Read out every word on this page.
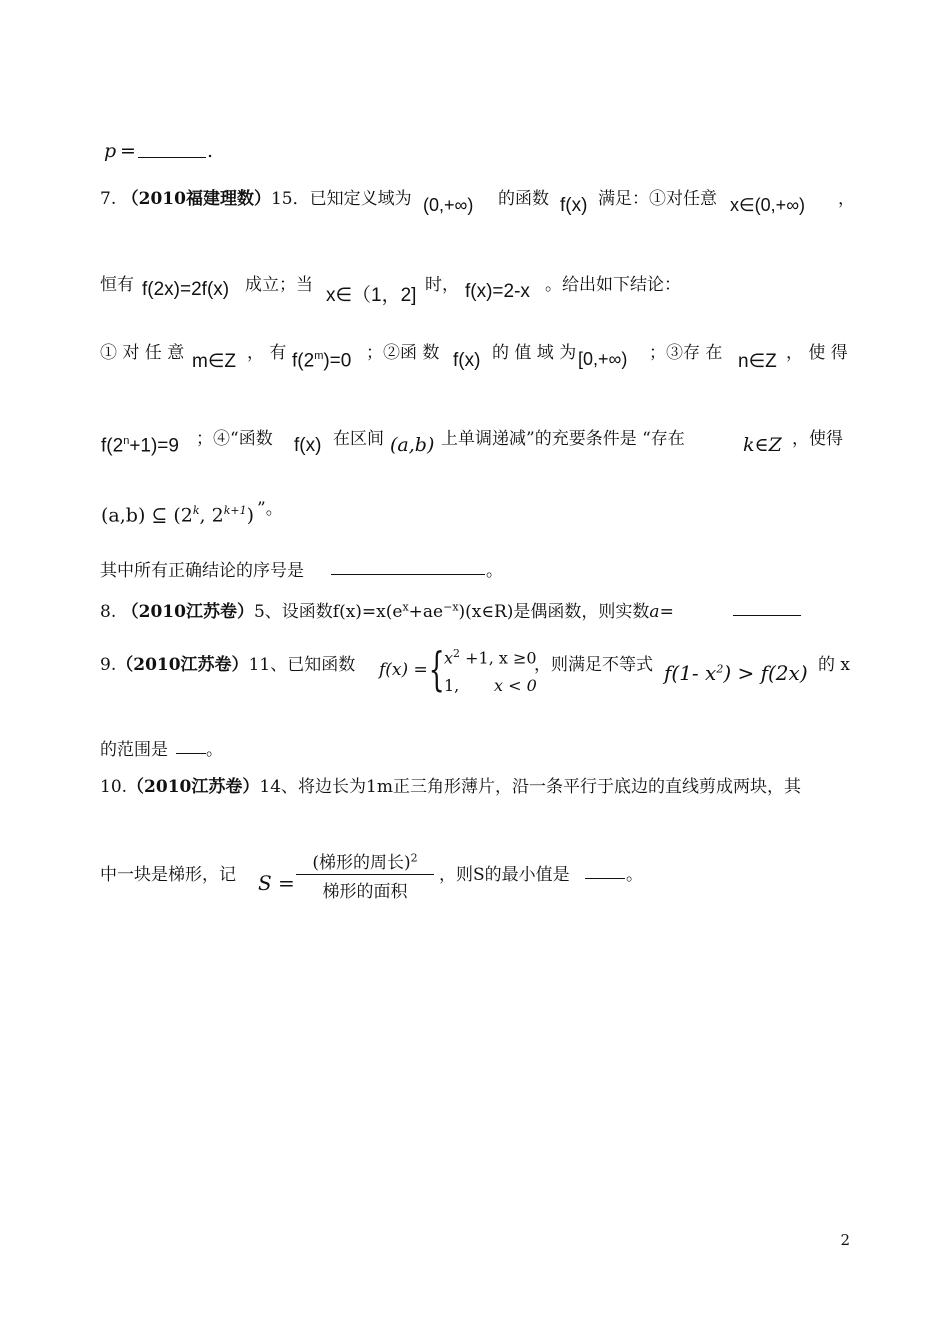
p =	.
7. （2010福建理数）15．已知定义域为 (0,+∞) 的函数 f(x) 满足：①对任意 x∈(0,+∞) ，
恒有 f(2x)=2f(x) 成立；当 x∈（1，2] 时， f(x)=2-x 。给出如下结论：
① 对 任 意 m∈Z ， 有 $f(2^m)=0$ ；②函 数 f(x) 的 值 域 为 [0,+∞) ；③存 在 n∈Z ， 使 得
$f(2^n+1)=9$ ；④“函数 f(x) 在区间 (a,b) 上单调递减”的充要条件是 “存在	k∈Z ，使得
(a,b) ⊆ (2$^k$, $2^{k+1}$) ”。
其中所有正确结论的序号是	。
8. （2010江苏卷）5、设函数$f(x)=x(e^x+ae^{-x})(x\in R)$是偶函数，则实数a=
9.（2010江苏卷）11、已知函数 f(x) = { $x^2 +1$, x ≥0
1, x < 0
，则满足不等式 f(1- $x^2) > f(2x)$ 的 x
的范围是 。
10.（2010江苏卷）14、将边长为1m正三角形薄片，沿一条平行于底边的直线剪成两块，其
中一块是梯形，记 S =
(梯形的周长)$^2$
梯形的面积
，则S的最小值是	。
2
